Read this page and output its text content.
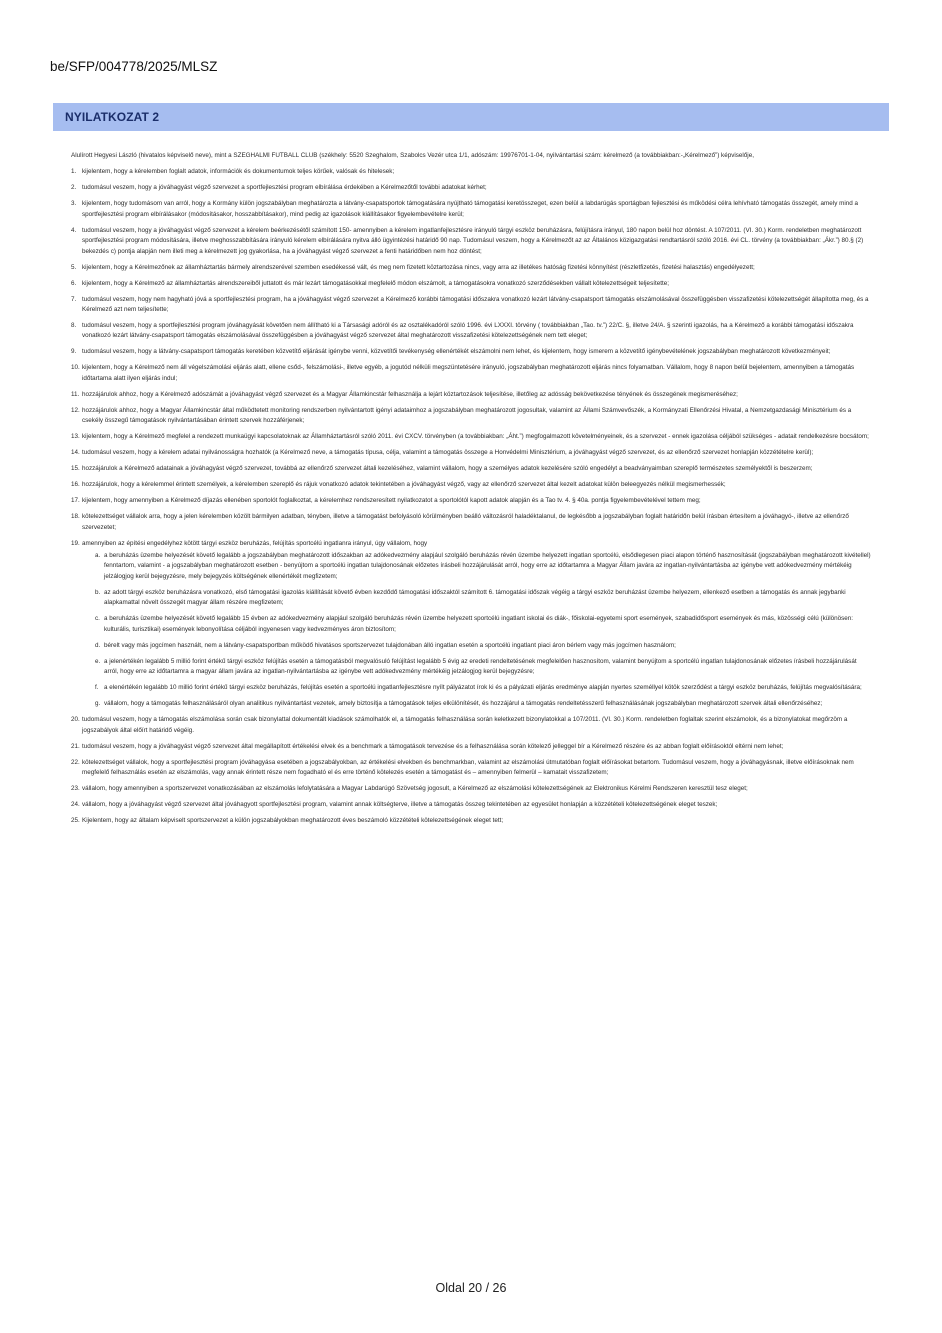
be/SFP/004778/2025/MLSZ

NYILATKOZAT 2

Alulírott Hegyesi László (hivatalos képviselő neve), mint a SZEGHALMI FUTBALL CLUB (székhely: 5520 Szeghalom, Szabolcs Vezér utca 1/1, adószám: 19976701-1-04, nyilvántartási szám: kérelmező (a továbbiakban:-„Kérelmező”) képviselője,

1. kijelentem, hogy a kérelemben foglalt adatok, információk és dokumentumok teljes körűek, valósak és hitelesek;
2. tudomásul veszem, hogy a jóváhagyást végző szervezet a sportfejlesztési program elbírálása érdekében a Kérelmezőtől további adatokat kérhet;
3. kijelentem, hogy tudomásom van arról, hogy a Kormány külön jogszabályban meghatározta a látvány-csapatsportok támogatására nyújtható támogatási keretösszeget, ezen belül a labdarúgás sportágban fejlesztési és működési célra lehívható támogatás összegét, amely mind a sportfejlesztési program elbírálásakor (módosításakor, hosszabbításakor), mind pedig az igazolások kiállításakor figyelembevételre kerül;
4. tudomásul veszem, hogy a jóváhagyást végző szervezet a kérelem beérkezésétől számított 150- amennyiben a kérelem ingatlanfejlesztésre irányuló tárgyi eszköz beruházásra, felújításra irányul, 180 napon belül hoz döntést. A 107/2011. (VI. 30.) Korm. rendeletben meghatározott sportfejlesztési program módosítására, illetve meghosszabbítására irányuló kérelem elbírálására nyitva álló ügyintézési határidő 90 nap. Tudomásul veszem, hogy a Kérelmezőt az az Általános közigazgatási rendtartásról szóló 2016. évi CL. törvény (a továbbiakban: „Ákr.”) 80.§ (2) bekezdés c) pontja alapján nem illeti meg a kérelmezett jog gyakorlása, ha a jóváhagyást végző szervezet a fenti határidőben nem hoz döntést;
5. kijelentem, hogy a Kérelmezőnek az államháztartás bármely alrendszerével szemben esedékessé vált, és meg nem fizetett köztartozása nincs, vagy arra az illetékes hatóság fizetési könnyítést (részletfizetés, fizetési halasztás) engedélyezett;
6. kijelentem, hogy a Kérelmező az államháztartás alrendszereiből juttatott és már lezárt támogatásokkal megfelelő módon elszámolt, a támogatásokra vonatkozó szerződésekben vállalt kötelezettségeit teljesítette;
7. tudomásul veszem, hogy nem hagyható jóvá a sportfejlesztési program, ha a jóváhagyást végző szervezet a Kérelmező korábbi támogatási időszakra vonatkozó lezárt látvány-csapatsport támogatás elszámolásával összefüggésben visszafizetési kötelezettségét állapította meg, és a Kérelmező azt nem teljesítette;
8. tudomásul veszem, hogy a sportfejlesztési program jóváhagyását követően nem állítható ki a Társasági adóról és az osztalékadóról szóló 1996. évi LXXXI. törvény ( továbbiakban „Tao. tv.”) 22/C. §, illetve 24/A. § szerinti igazolás, ha a Kérelmező a korábbi támogatási időszakra vonatkozó lezárt látvány-csapatsport támogatás elszámolásával összefüggésben a jóváhagyást végző szervezet által meghatározott visszafizetési kötelezettségének nem tett eleget;
9. tudomásul veszem, hogy a látvány-csapatsport támogatás keretében közvetítő eljárását igénybe venni, közvetítői tevékenység ellenértékét elszámolni nem lehet, és kijelentem, hogy ismerem a közvetítő igénybevételének jogszabályban meghatározott következményeit;
10. kijelentem, hogy a Kérelmező nem áll végelszámolási eljárás alatt, ellene csőd-, felszámolási-, illetve egyéb, a jogutód nélküli megszüntetésére irányuló, jogszabályban meghatározott eljárás nincs folyamatban. Vállalom, hogy 8 napon belül bejelentem, amennyiben a támogatás időtartama alatt ilyen eljárás indul;
11. hozzájárulok ahhoz, hogy a Kérelmező adószámát a jóváhagyást végző szervezet és a Magyar Államkincstár felhasználja a lejárt köztartozások teljesítése, illetőleg az adósság bekövetkezése tényének és összegének megismeréséhez;
12. hozzájárulok ahhoz, hogy a Magyar Államkincstár által működtetett monitoring rendszerben nyilvántartott igényi adataimhoz a jogszabályban meghatározott jogosultak, valamint az Állami Számvevőszék, a Kormányzati Ellenőrzési Hivatal, a Nemzetgazdasági Minisztérium és a csekély összegű támogatások nyilvántartásában érintett szervek hozzáférjenek;
13. kijelentem, hogy a Kérelmező megfelel a rendezett munkaügyi kapcsolatoknak az Államháztartásról szóló 2011. évi CXCV. törvényben (a továbbiakban: „Áht.”) megfogalmazott követelményeinek, és a szervezet - ennek igazolása céljából szükséges - adatait rendelkezésre bocsátom;
14. tudomásul veszem, hogy a kérelem adatai nyilvánosságra hozhatók (a Kérelmező neve, a támogatás típusa, célja, valamint a támogatás összege a Honvédelmi Minisztérium, a jóváhagyást végző szervezet, és az ellenőrző szervezet honlapján közzétételre kerül);
15. hozzájárulok a Kérelmező adatainak a jóváhagyást végző szervezet, továbbá az ellenőrző szervezet általi kezeléséhez, valamint vállalom, hogy a személyes adatok kezelésére szóló engedélyt a beadványaimban szereplő természetes személyektől is beszerzem;
16. hozzájárulok, hogy a kérelemmel érintett személyek, a kérelemben szereplő és rájuk vonatkozó adatok tekintetében a jóváhagyást végző, vagy az ellenőrző szervezet által kezelt adatokat külön beleegyezés nélkül megismerhessék;
17. kijelentem, hogy amennyiben a Kérelmező díjazás ellenében sportolót foglalkoztat, a kérelemhez rendszeresített nyilatkozatot a sportolótól kapott adatok alapján és a Tao tv. 4. § 40a. pontja figyelembevételével tettem meg;
18. kötelezettséget vállalok arra, hogy a jelen kérelemben közölt bármilyen adatban, tényben, illetve a támogatást befolyásoló körülményben beálló változásról haladéktalanul, de legkésőbb a jogszabályban foglalt határidőn belül írásban értesítem a jóváhagyó-, illetve az ellenőrző szervezetet;
19. amennyiben az építési engedélyhez kötött tárgyi eszköz beruházás, felújítás sportcélú ingatlanra irányul, úgy vállalom, hogy
a. a beruházás üzembe helyezését követő legalább a jogszabályban meghatározott időszakban az adókedvezmény alapjául szolgáló beruházás révén üzembe helyezett ingatlan sportcélú, elsődlegesen piaci alapon történő hasznosítását (jogszabályban meghatározott kivétellel) fenntartom, valamint - a jogszabályban meghatározott esetben - benyújtom a sportcélú ingatlan tulajdonosának előzetes írásbeli hozzájárulását arról, hogy erre az időtartamra a Magyar Állam javára az ingatlan-nyilvántartásba az igénybe vett adókedvezmény mértékéig jelzálogjog kerül bejegyzésre, mely bejegyzés költségének ellenértékét megfizetem;
b. az adott tárgyi eszköz beruházásra vonatkozó, első támogatási igazolás kiállítását követő évben kezdődő támogatási időszaktól számított 6. támogatási időszak végéig a tárgyi eszköz beruházást üzembe helyezem, ellenkező esetben a támogatás és annak jegybanki alapkamattal növelt összegét magyar állam részére megfizetem;
c. a beruházás üzembe helyezését követő legalább 15 évben az adókedvezmény alapjául szolgáló beruházás révén üzembe helyezett sportcélú ingatlant iskolai és diák-, főiskolai-egyetemi sport események, szabadidősport események és más, közösségi célú (különösen: kulturális, turisztikai) események lebonyolítása céljából ingyenesen vagy kedvezményes áron biztosítom;
d. bérelt vagy más jogcímen használt, nem a látvány-csapatsportban működő hivatásos sportszervezet tulajdonában álló ingatlan esetén a sportcélú ingatlant piaci áron bérlem vagy más jogcímen használom;
e. a jelenértékén legalább 5 millió forint értékű tárgyi eszköz felújítás esetén a támogatásból megvalósuló felújítást legalább 5 évig az eredeti rendeltetésének megfelelően hasznosítom, valamint benyújtom a sportcélú ingatlan tulajdonosának előzetes írásbeli hozzájárulását arról, hogy erre az időtartamra a magyar állam javára az ingatlan-nyilvántartásba az igénybe vett adókedvezmény mértékéig jelzálogjog kerül bejegyzésre;
f. a elenértékén legalább 10 millió forint értékű tárgyi eszköz beruházás, felújítás esetén a sportcélú ingatlanfejlesztésre nyílt pályázatot írok ki és a pályázati eljárás eredménye alapján nyertes személlyel kötök szerződést a tárgyi eszköz beruházás, felújítás megvalósítására;
g. vállalom, hogy a támogatás felhasználásáról olyan analitikus nyilvántartást vezetek, amely biztosítja a támogatások teljes elkülönítését, és hozzájárul a támogatás rendeltetésszerű felhasználásának jogszabályban meghatározott szervek általi ellenőrzéséhez;
20. tudomásul veszem, hogy a támogatás elszámolása során csak bizonylattal dokumentált kiadások számolhatók el, a támogatás felhasználása során keletkezett bizonylatokkal a 107/2011. (VI. 30.) Korm. rendeletben foglaltak szerint elszámolok, és a bizonylatokat megőrzöm a jogszabályok által előírt határidő végéig.
21. tudomásul veszem, hogy a jóváhagyást végző szervezet által megállapított értékelési elvek és a benchmark a támogatások tervezése és a felhasználása során kötelező jelleggel bír a Kérelmező részére és az abban foglalt előírásoktól eltérni nem lehet;
22. kötelezettséget vállalok, hogy a sportfejlesztési program jóváhagyása esetében a jogszabályokban, az értékelési elvekben és benchmarkban, valamint az elszámolási útmutatóban foglalt előírásokat betartom. Tudomásul veszem, hogy a jóváhagyásnak, illetve előírásoknak nem megfelelő felhasználás esetén az elszámolás, vagy annak érintett része nem fogadható el és erre történő kötelezés esetén a támogatást és – amennyiben felmerül – kamatait visszafizetem;
23. vállalom, hogy amennyiben a sportszervezet vonatkozásában az elszámolás lefolytatására a Magyar Labdarúgó Szövetség jogosult, a Kérelmező az elszámolási kötelezettségének az Elektronikus Kérelmi Rendszeren keresztül tesz eleget;
24. vállalom, hogy a jóváhagyást végző szervezet által jóváhagyott sportfejlesztési program, valamint annak költségterve, illetve a támogatás összeg tekintetében az egyesület honlapján a közzétételi kötelezettségének eleget teszek;
25. Kijelentem, hogy az általam képviselt sportszervezet a külön jogszabályokban meghatározott éves beszámoló közzétételi kötelezettségének eleget tett;
Oldal 20 / 26
